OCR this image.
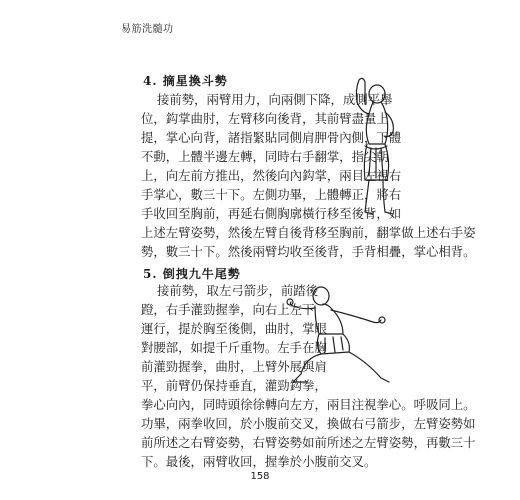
易筋洗髓功
4. 摘星換斗勢
接前勢，兩臂用力，向兩側下降，成側平舉
位，鈎掌曲肘，左臂移向後背，其前臂盡量上
提，掌心向背，諸指緊貼同側肩胛骨內側，下體
不動，上體半邊左轉，同時右手翻掌，指尖朝
上，向左前方推出，然後向內鈎掌，兩目左視右
手掌心，數三十下。左側功畢，上體轉正，將右
手收回至胸前，再延右側胸廓橫行移至後背，如
上述左臂姿勢，然後左臂自後背移至胸前，翻掌做上述右手姿
勢，數三十下。然後兩臂均收至後背，手背相疊，掌心相背。
5. 倒拽九牛尾勢
接前勢，取左弓箭步，前踏後
蹬，右手灌勁握拳，向右上左下
運行，提於胸至後側，曲肘，掌眼
對腰部，如提千斤重物。左手在胸
前灌勁握拳，曲肘，上臂外展與肩
平，前臂仍保持垂直，灌勁鈎拳，
拳心向內，同時頭徐徐轉向左方，兩目注視拳心。呼吸同上。
功畢，兩拳收回，於小腹前交叉，換做右弓箭步，左臂姿勢如
前所述之右臂姿勢，右臂姿勢如前所述之左臂姿勢，再數三十
下。最後，兩臂收回，握拳於小腹前交叉。
158
